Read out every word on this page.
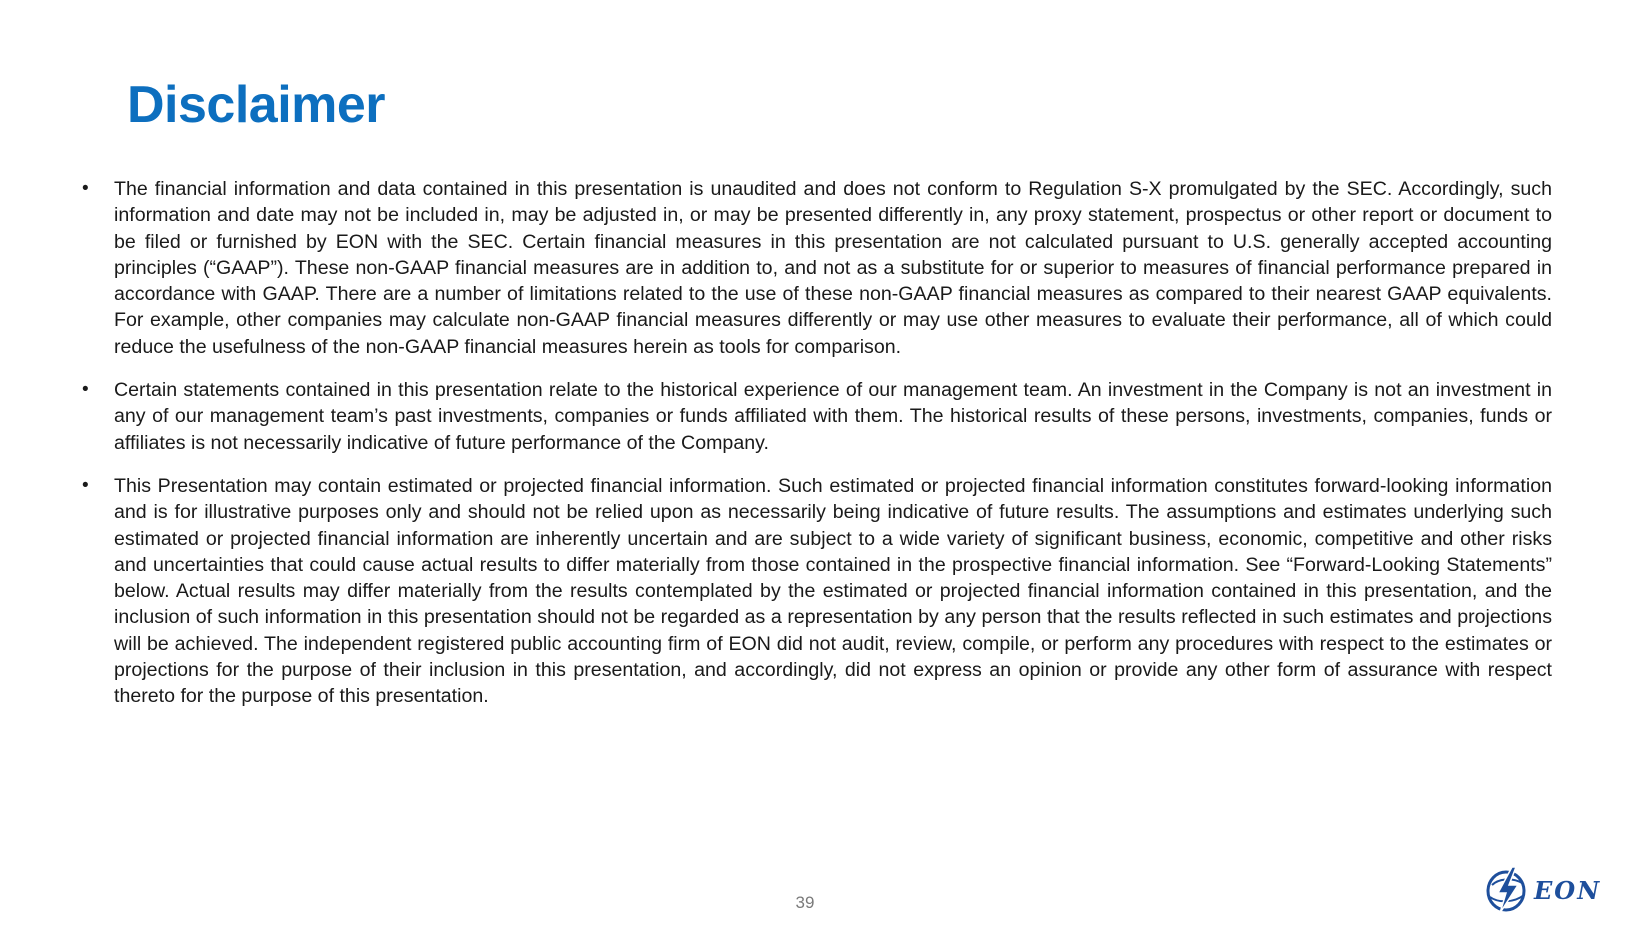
Disclaimer
•	The financial information and data contained in this presentation is unaudited and does not conform to Regulation S-X promulgated by the SEC. Accordingly, such information and date may not be included in, may be adjusted in, or may be presented differently in, any proxy statement, prospectus or other report or document to be filed or furnished by EON with the SEC. Certain financial measures in this presentation are not calculated pursuant to U.S. generally accepted accounting principles (“GAAP”). These non-GAAP financial measures are in addition to, and not as a substitute for or superior to measures of financial performance prepared in accordance with GAAP. There are a number of limitations related to the use of these non-GAAP financial measures as compared to their nearest GAAP equivalents. For example, other companies may calculate non-GAAP financial measures differently or may use other measures to evaluate their performance, all of which could reduce the usefulness of the non-GAAP financial measures herein as tools for comparison.
•	Certain statements contained in this presentation relate to the historical experience of our management team. An investment in the Company is not an investment in any of our management team’s past investments, companies or funds affiliated with them. The historical results of these persons, investments, companies, funds or affiliates is not necessarily indicative of future performance of the Company.
•	This Presentation may contain estimated or projected financial information. Such estimated or projected financial information constitutes forward-looking information and is for illustrative purposes only and should not be relied upon as necessarily being indicative of future results. The assumptions and estimates underlying such estimated or projected financial information are inherently uncertain and are subject to a wide variety of significant business, economic, competitive and other risks and uncertainties that could cause actual results to differ materially from those contained in the prospective financial information. See “Forward-Looking Statements” below. Actual results may differ materially from the results contemplated by the estimated or projected financial information contained in this presentation, and the inclusion of such information in this presentation should not be regarded as a representation by any person that the results reflected in such estimates and projections will be achieved. The independent registered public accounting firm of EON did not audit, review, compile, or perform any procedures with respect to the estimates or projections for the purpose of their inclusion in this presentation, and accordingly, did not express an opinion or provide any other form of assurance with respect thereto for the purpose of this presentation.
39	EON
